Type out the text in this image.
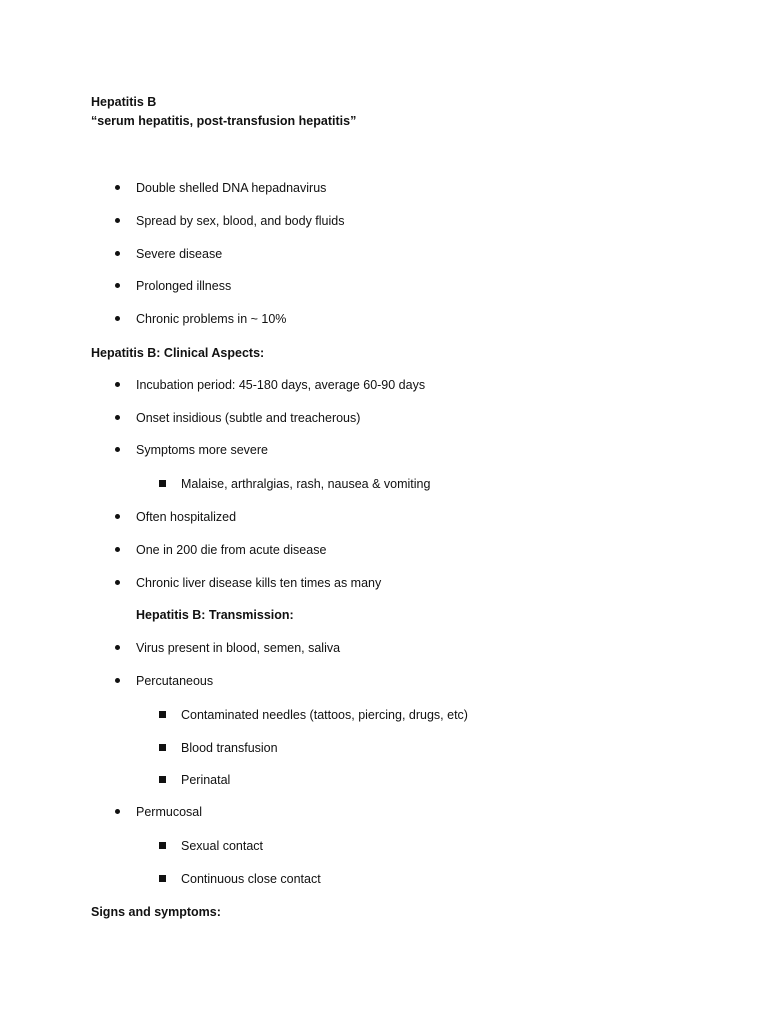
Hepatitis B
“serum hepatitis, post-transfusion hepatitis”
Double shelled DNA hepadnavirus
Spread by sex, blood, and body fluids
Severe disease
Prolonged illness
Chronic problems in ~ 10%
Hepatitis B: Clinical Aspects:
Incubation period: 45-180 days, average 60-90 days
Onset insidious (subtle and treacherous)
Symptoms more severe
Malaise, arthralgias, rash, nausea & vomiting
Often hospitalized
One in 200 die from acute disease
Chronic liver disease kills ten times as many
Hepatitis B: Transmission:
Virus present in blood, semen, saliva
Percutaneous
Contaminated needles (tattoos, piercing, drugs, etc)
Blood transfusion
Perinatal
Permucosal
Sexual contact
Continuous close contact
Signs and symptoms:
